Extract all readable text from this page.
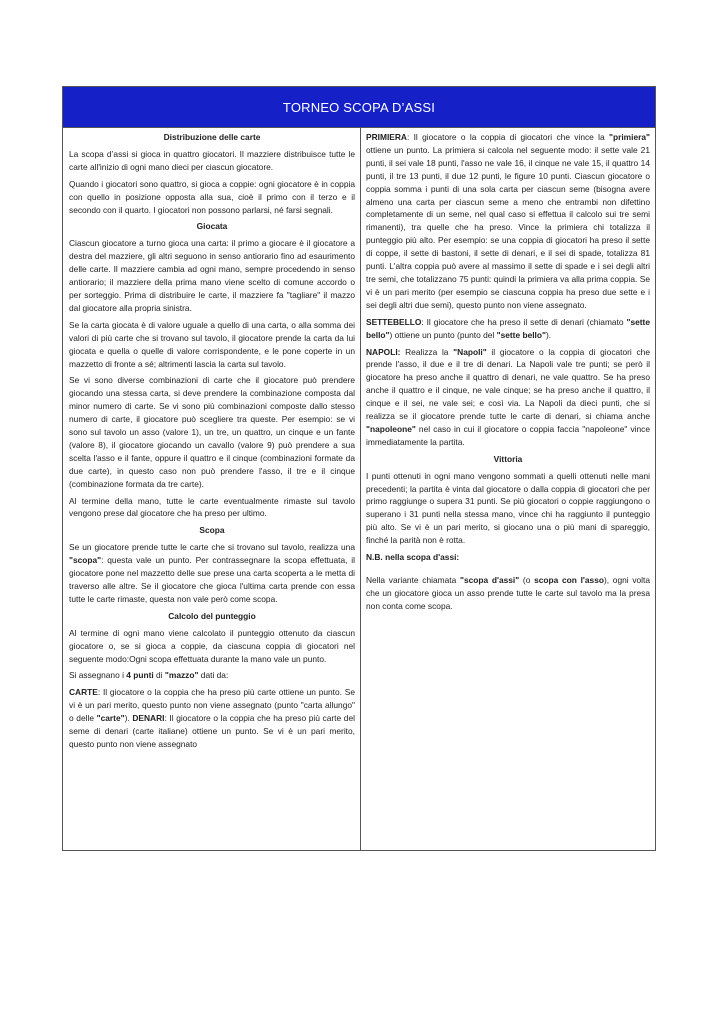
TORNEO SCOPA D’ASSI
Distribuzione delle carte

La scopa d’assi si gioca in quattro giocatori. Il mazziere distribuisce tutte le carte all'inizio di ogni mano dieci per ciascun giocatore.

Quando i giocatori sono quattro, si gioca a coppie: ogni giocatore è in coppia con quello in posizione opposta alla sua, cioè il primo con il terzo e il secondo con il quarto. I giocatori non possono parlarsi, né farsi segnali.

Giocata

Ciascun giocatore a turno gioca una carta: il primo a giocare è il giocatore a destra del mazziere, gli altri seguono in senso antiorario fino ad esaurimento delle carte. Il mazziere cambia ad ogni mano, sempre procedendo in senso antiorario; il mazziere della prima mano viene scelto di comune accordo o per sorteggio. Prima di distribuire le carte, il mazziere fa "tagliare" il mazzo dal giocatore alla propria sinistra.

Se la carta giocata è di valore uguale a quello di una carta, o alla somma dei valori di più carte che si trovano sul tavolo, il giocatore prende la carta da lui giocata e quella o quelle di valore corrispondente, e le pone coperte in un mazzetto di fronte a sé; altrimenti lascia la carta sul tavolo.

Se vi sono diverse combinazioni di carte che il giocatore può prendere giocando una stessa carta, si deve prendere la combinazione composta dal minor numero di carte. Se vi sono più combinazioni composte dallo stesso numero di carte, il giocatore può scegliere tra queste. Per esempio: se vi sono sul tavolo un asso (valore 1), un tre, un quattro, un cinque e un fante (valore 8), il giocatore giocando un cavallo (valore 9) può prendere a sua scelta l'asso e il fante, oppure il quattro e il cinque (combinazioni formate da due carte), in questo caso non può prendere l'asso, il tre e il cinque (combinazione formata da tre carte).

Al termine della mano, tutte le carte eventualmente rimaste sul tavolo vengono prese dal giocatore che ha preso per ultimo.

Scopa

Se un giocatore prende tutte le carte che si trovano sul tavolo, realizza una "scopa": questa vale un punto. Per contrassegnare la scopa effettuata, il giocatore pone nel mazzetto delle sue prese una carta scoperta a le metta di traverso alle altre. Se il giocatore che gioca l'ultima carta prende con essa tutte le carte rimaste, questa non vale però come scopa.

Calcolo del punteggio

Al termine di ogni mano viene calcolato il punteggio ottenuto da ciascun giocatore o, se si gioca a coppie, da ciascuna coppia di giocatori nel seguente modo:Ogni scopa effettuata durante la mano vale un punto.

Si assegnano i 4 punti di "mazzo" dati da:

CARTE: Il giocatore o la coppia che ha preso più carte ottiene un punto. Se vi è un pari merito, questo punto non viene assegnato (punto "carta allungo" o delle "carte"). DENARI: Il giocatore o la coppia che ha preso più carte del seme di denari (carte italiane) ottiene un punto. Se vi è un pari merito, questo punto non viene assegnato

PRIMIERA: Il giocatore o la coppia di giocatori che vince la "primiera" ottiene un punto. La primiera si calcola nel seguente modo: il sette vale 21 punti, il sei vale 18 punti, l'asso ne vale 16, il cinque ne vale 15, il quattro 14 punti, il tre 13 punti, il due 12 punti, le figure 10 punti. Ciascun giocatore o coppia somma i punti di una sola carta per ciascun seme (bisogna avere almeno una carta per ciascun seme a meno che entrambi non difettino completamente di un seme, nel qual caso si effettua il calcolo sui tre semi rimanenti), tra quelle che ha preso. Vince la primiera chi totalizza il punteggio più alto. Per esempio: se una coppia di giocatori ha preso il sette di coppe, il sette di bastoni, il sette di denari, e il sei di spade, totalizza 81 punti. L'altra coppia può avere al massimo il sette di spade e i sei degli altri tre semi, che totalizzano 75 punti: quindi la primiera va alla prima coppia. Se vi è un pari merito (per esempio se ciascuna coppia ha preso due sette e i sei degli altri due semi), questo punto non viene assegnato.

SETTEBELLO: Il giocatore che ha preso il sette di denari (chiamato "sette bello") ottiene un punto (punto del "sette bello").

NAPOLI: Realizza la "Napoli" il giocatore o la coppia di giocatori che prende l'asso, il due e il tre di denari. La Napoli vale tre punti; se però il giocatore ha preso anche il quattro di denari, ne vale quattro. Se ha preso anche il quattro e il cinque, ne vale cinque; se ha preso anche il quattro, il cinque e il sei, ne vale sei; e così via. La Napoli da dieci punti, che si realizza se il giocatore prende tutte le carte di denari, si chiama anche "napoleone" nel caso in cui il giocatore o coppia faccia "napoleone" vince immediatamente la partita.

Vittoria

I punti ottenuti in ogni mano vengono sommati a quelli ottenuti nelle mani precedenti; la partita è vinta dal giocatore o dalla coppia di giocatori che per primo raggiunge o supera 31 punti. Se più giocatori o coppie raggiungono o superano i 31 punti nella stessa mano, vince chi ha raggiunto il punteggio più alto. Se vi è un pari merito, si giocano una o più mani di spareggio, finché la parità non è rotta.

N.B. nella scopa d'assi:

Nella variante chiamata "scopa d'assi" (o scopa con l'asso), ogni volta che un giocatore gioca un asso prende tutte le carte sul tavolo ma la presa non conta come scopa.
